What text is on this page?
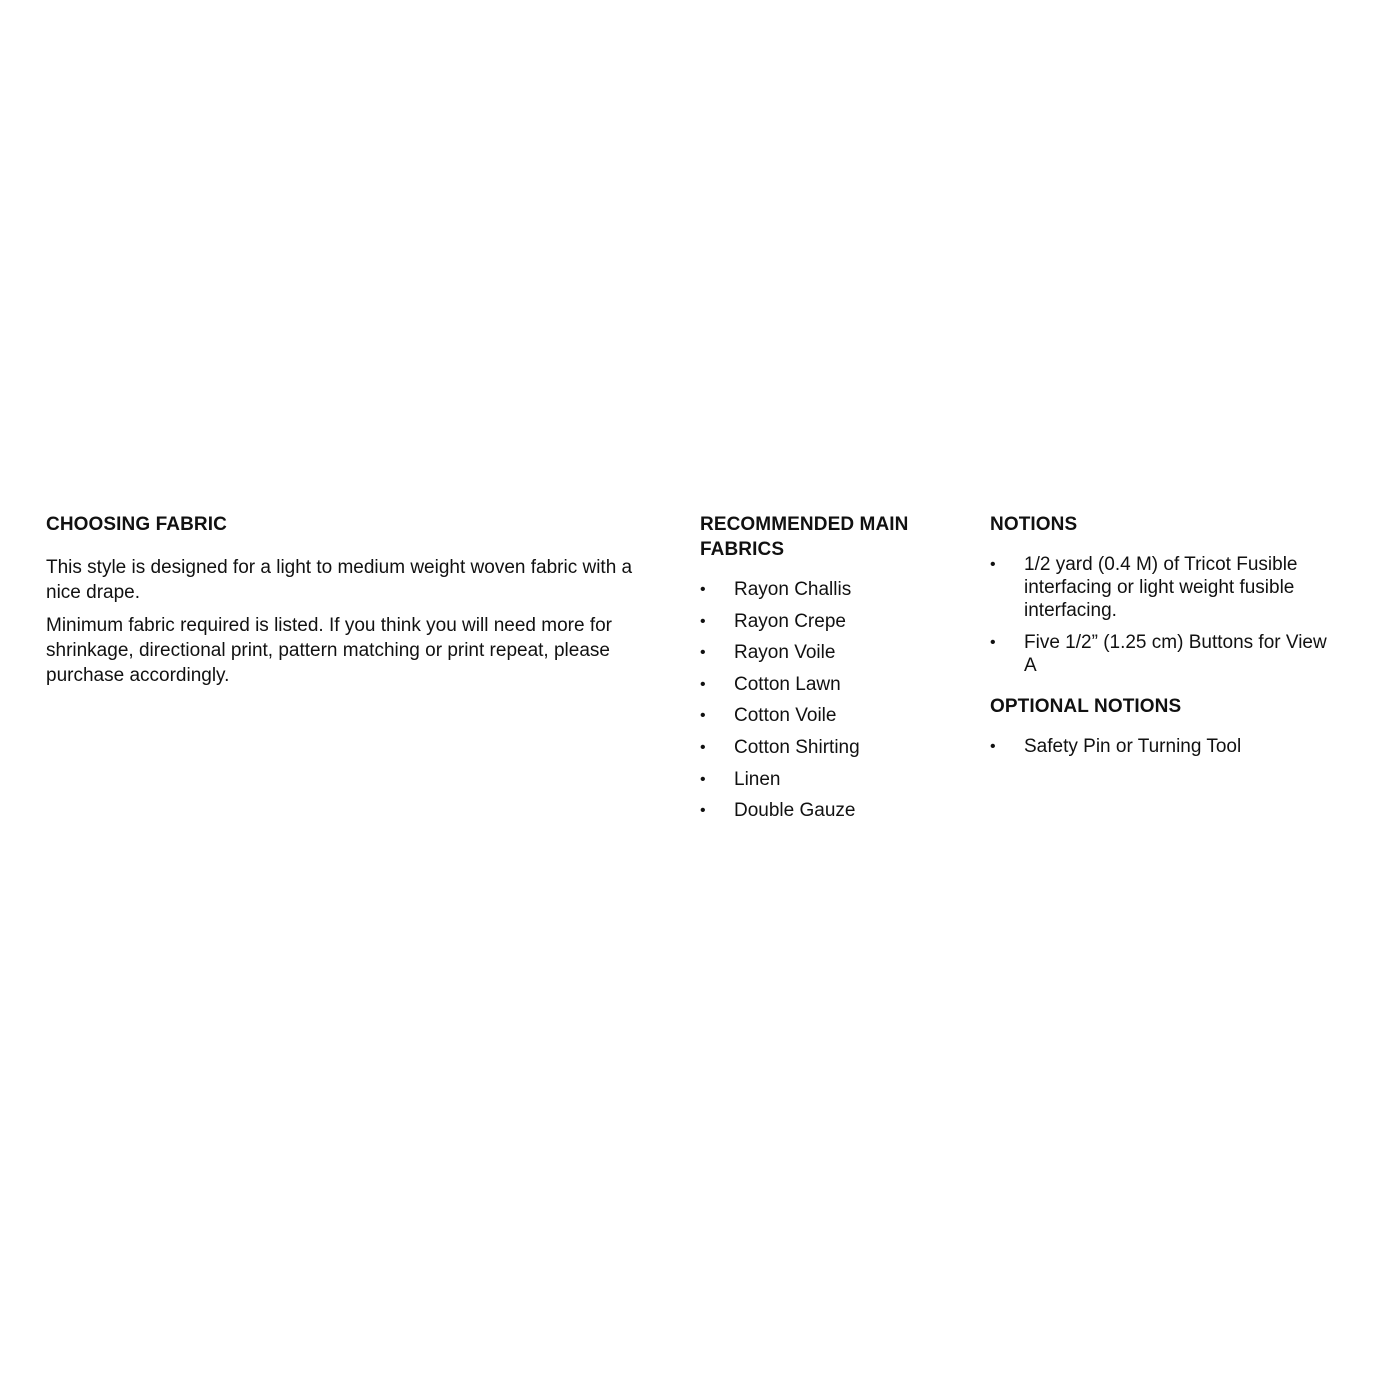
CHOOSING FABRIC

This style is designed for a light to medium weight woven fabric with a nice drape.

Minimum fabric required is listed. If you think you will need more for shrinkage, directional print, pattern matching or print repeat, please purchase accordingly.

RECOMMENDED MAIN FABRICS
• Rayon Challis
• Rayon Crepe
• Rayon Voile
• Cotton Lawn
• Cotton Voile
• Cotton Shirting
• Linen
• Double Gauze
NOTIONS
• 1/2 yard (0.4 M) of Tricot Fusible interfacing or light weight fusible interfacing.
• Five 1/2” (1.25 cm) Buttons for View A
OPTIONAL NOTIONS
• Safety Pin or Turning Tool
